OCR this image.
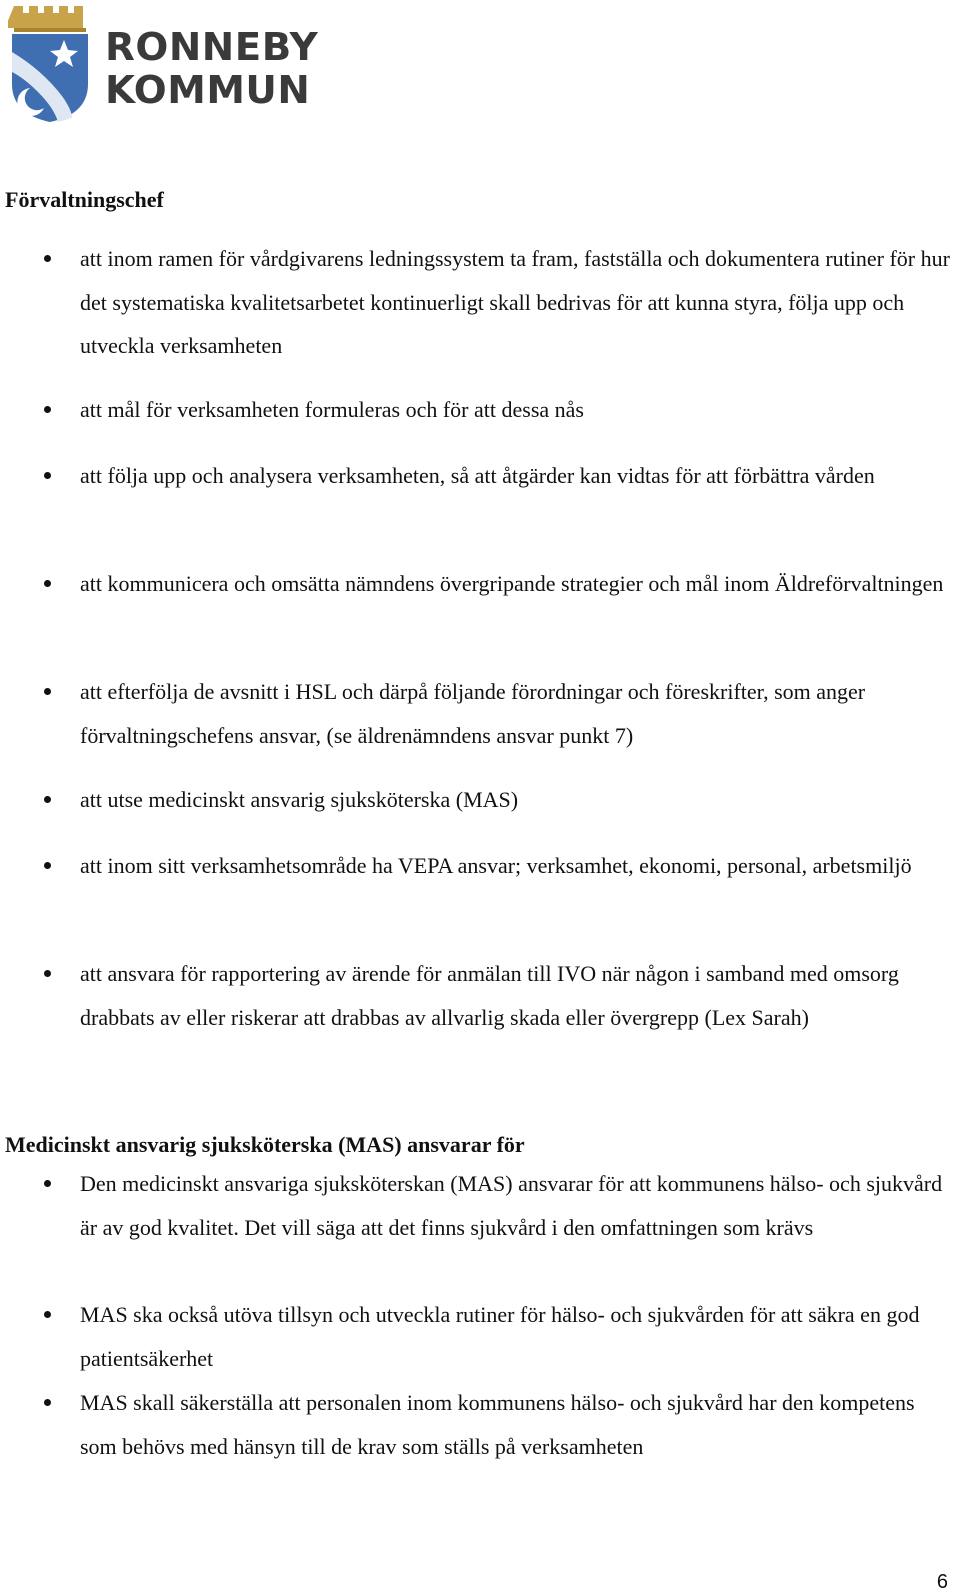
RONNEBY
KOMMUN
Förvaltningschef
att inom ramen för vårdgivarens ledningssystem ta fram, fastställa och dokumentera rutiner för hur det systematiska kvalitetsarbetet kontinuerligt skall bedrivas för att kunna styra, följa upp och utveckla verksamheten
att mål för verksamheten formuleras och för att dessa nås
att följa upp och analysera verksamheten, så att åtgärder kan vidtas för att förbättra vården
att kommunicera och omsätta nämndens övergripande strategier och mål inom Äldreförvaltningen
att efterfölja de avsnitt i HSL och därpå följande förordningar och föreskrifter, som anger förvaltningschefens ansvar, (se äldrenämndens ansvar punkt 7)
att utse medicinskt ansvarig sjuksköterska (MAS)
att inom sitt verksamhetsområde ha VEPA ansvar; verksamhet, ekonomi, personal, arbetsmiljö
att ansvara för rapportering av ärende för anmälan till IVO när någon i samband med omsorg drabbats av eller riskerar att drabbas av allvarlig skada eller övergrepp (Lex Sarah)
Medicinskt ansvarig sjuksköterska (MAS) ansvarar för
Den medicinskt ansvariga sjuksköterskan (MAS) ansvarar för att kommunens hälso- och sjukvård är av god kvalitet. Det vill säga att det finns sjukvård i den omfattningen som krävs
MAS ska också utöva tillsyn och utveckla rutiner för hälso- och sjukvården för att säkra en god patientsäkerhet
MAS skall säkerställa att personalen inom kommunens hälso- och sjukvård har den kompetens som behövs med hänsyn till de krav som ställs på verksamheten
6
